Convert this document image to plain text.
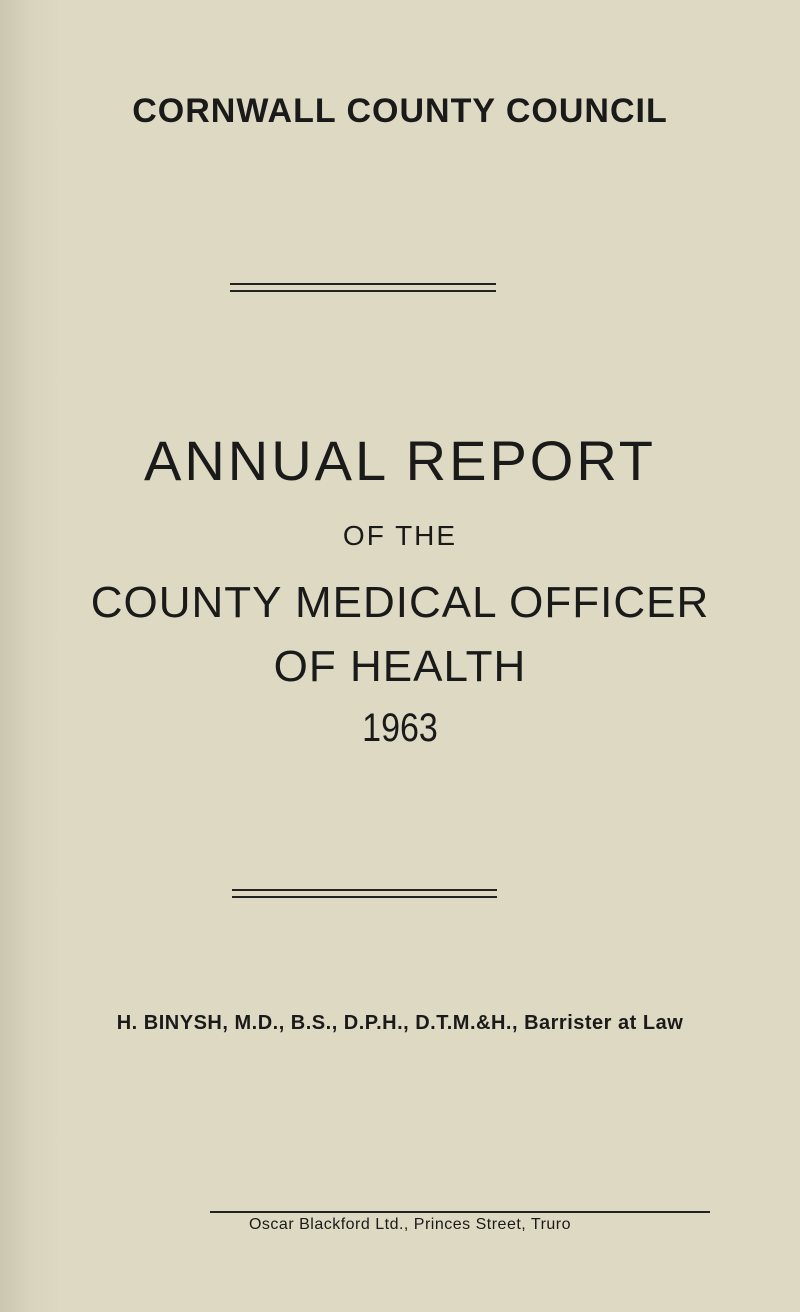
CORNWALL COUNTY COUNCIL
ANNUAL REPORT
OF THE
COUNTY MEDICAL OFFICER
OF HEALTH
1963
H. BINYSH, M.D., B.S., D.P.H., D.T.M.&H., Barrister at Law
Oscar Blackford Ltd., Princes Street, Truro
